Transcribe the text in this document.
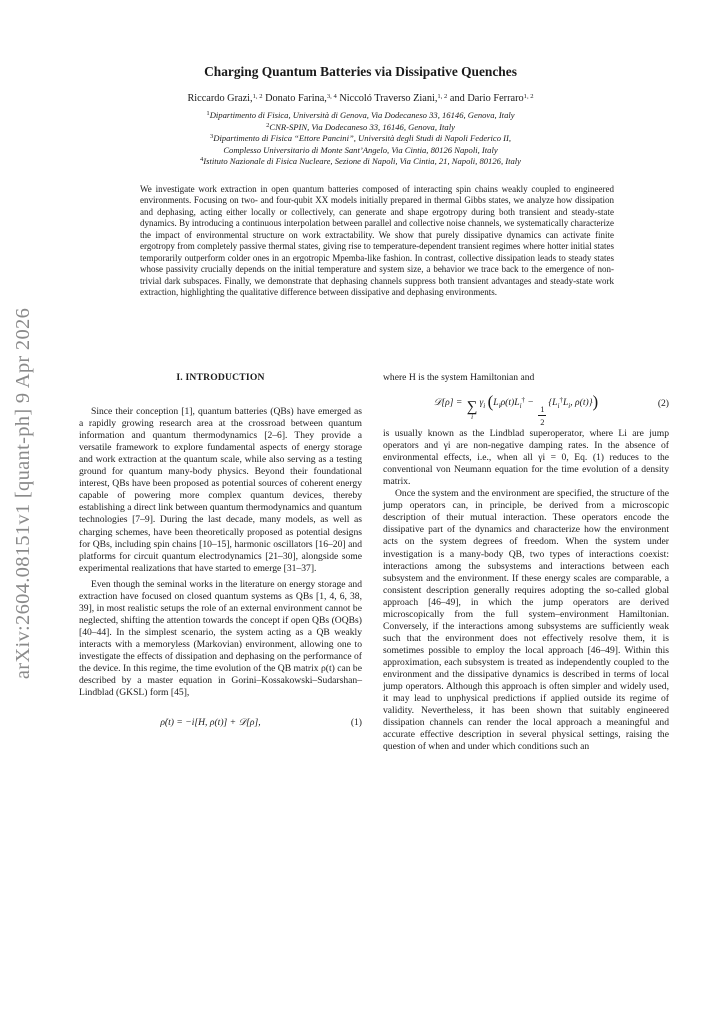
arXiv:2604.08151v1 [quant-ph] 9 Apr 2026
Charging Quantum Batteries via Dissipative Quenches
Riccardo Grazi,$^{1, 2}$ Donato Farina,$^{3, 4}$ Niccoló Traverso Ziani,$^{1, 2}$ and Dario Ferraro$^{1, 2}$
$^1$Dipartimento di Fisica, Università di Genova, Via Dodecaneso 33, 16146, Genova, Italy
$^2$CNR-SPIN, Via Dodecaneso 33, 16146, Genova, Italy
$^3$Dipartimento di Fisica “Ettore Pancini”, Università degli Studi di Napoli Federico II,
Complesso Universitario di Monte Sant’Angelo, Via Cintia, 80126 Napoli, Italy
$^4$Istituto Nazionale di Fisica Nucleare, Sezione di Napoli, Via Cintia, 21, Napoli, 80126, Italy
We investigate work extraction in open quantum batteries composed of interacting spin chains weakly coupled to engineered environments. Focusing on two- and four-qubit XX models initially prepared in thermal Gibbs states, we analyze how dissipation and dephasing, acting either locally or collectively, can generate and shape ergotropy during both transient and steady-state dynamics. By introducing a continuous interpolation between parallel and collective noise channels, we systematically characterize the impact of environmental structure on work extractability. We show that purely dissipative dynamics can activate finite ergotropy from completely passive thermal states, giving rise to temperature-dependent transient regimes where hotter initial states temporarily outperform colder ones in an ergotropic Mpemba-like fashion. In contrast, collective dissipation leads to steady states whose passivity crucially depends on the initial temperature and system size, a behavior we trace back to the emergence of non-trivial dark subspaces. Finally, we demonstrate that dephasing channels suppress both transient advantages and steady-state work extraction, highlighting the qualitative difference between dissipative and dephasing environments.
I. INTRODUCTION

Since their conception [1], quantum batteries (QBs) have emerged as a rapidly growing research area at the crossroad between quantum information and quantum thermodynamics [2–6]. They provide a versatile framework to explore fundamental aspects of energy storage and work extraction at the quantum scale, while also serving as a testing ground for quantum many-body physics. Beyond their foundational interest, QBs have been proposed as potential sources of coherent energy capable of powering more complex quantum devices, thereby establishing a direct link between quantum thermodynamics and quantum technologies [7–9]. During the last decade, many models, as well as charging schemes, have been theoretically proposed as potential designs for QBs, including spin chains [10–15], harmonic oscillators [16–20] and platforms for circuit quantum electrodynamics [21–30], alongside some experimental realizations that have started to emerge [31–37].

Even though the seminal works in the literature on energy storage and extraction have focused on closed quantum systems as QBs [1, 4, 6, 38, 39], in most realistic setups the role of an external environment cannot be neglected, shifting the attention towards the concept if open QBs (OQBs) [40–44]. In the simplest scenario, the system acting as a QB weakly interacts with a memoryless (Markovian) environment, allowing one to investigate the effects of dissipation and dephasing on the performance of the device. In this regime, the time evolution of the QB matrix ρ(t) can be described by a master equation in Gorini–Kossakowski–Sudarshan–Lindblad (GKSL) form [45],

ρ̇(t) = −i[H, ρ(t)] + 𝒟[ρ],	(1)

where H is the system Hamiltonian and

𝒟[ρ] = ∑
i
$\gamma_i$ ($L_i\rho(t)L_i^\dagger$ −
$\frac{1}{2}$
{$L_i^\dagger L_i$, ρ(t)})	(2)

is usually known as the Lindblad superoperator, where Li are jump operators and γi are non-negative damping rates. In the absence of environmental effects, i.e., when all γi = 0, Eq. (1) reduces to the conventional von Neumann equation for the time evolution of a density matrix.

Once the system and the environment are specified, the structure of the jump operators can, in principle, be derived from a microscopic description of their mutual interaction. These operators encode the dissipative part of the dynamics and characterize how the environment acts on the system degrees of freedom. When the system under investigation is a many-body QB, two types of interactions coexist: interactions among the subsystems and interactions between each subsystem and the environment. If these energy scales are comparable, a consistent description generally requires adopting the so-called global approach [46–49], in which the jump operators are derived microscopically from the full system–environment Hamiltonian. Conversely, if the interactions among subsystems are sufficiently weak such that the environment does not effectively resolve them, it is sometimes possible to employ the local approach [46–49]. Within this approximation, each subsystem is treated as independently coupled to the environment and the dissipative dynamics is described in terms of local jump operators. Although this approach is often simpler and widely used, it may lead to unphysical predictions if applied outside its regime of validity. Nevertheless, it has been shown that suitably engineered dissipation channels can render the local approach a meaningful and accurate effective description in several physical settings, raising the question of when and under which conditions such an
